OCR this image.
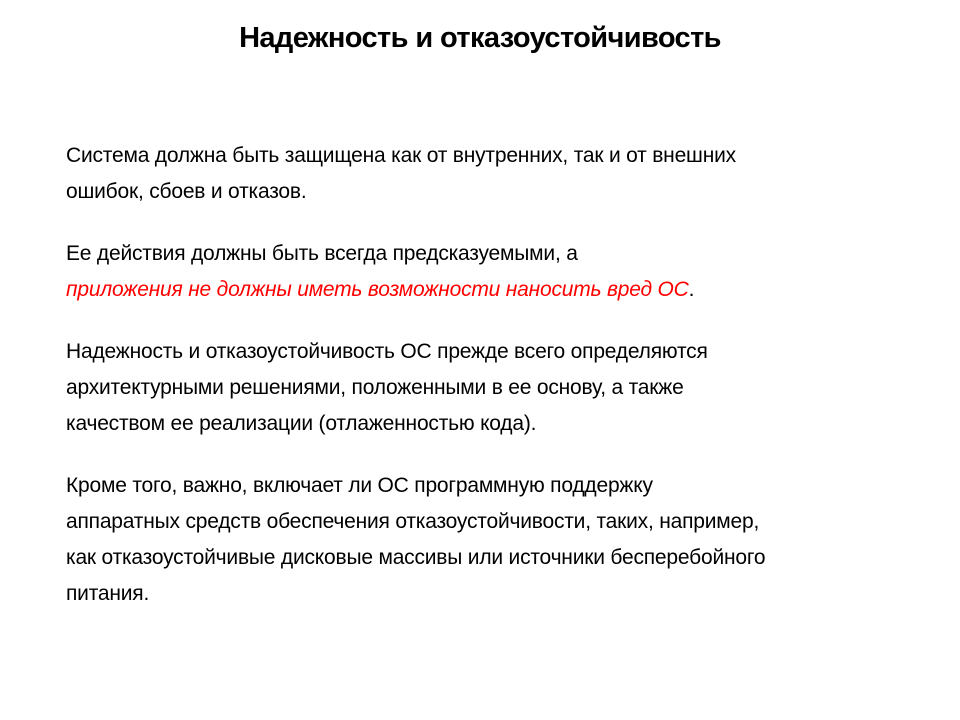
Надежность и отказоустойчивость

Система должна быть защищена как от внутренних, так и от внешних
ошибок, сбоев и отказов.

Ее действия должны быть всегда предсказуемыми, а
приложения не должны иметь возможности наносить вред ОС.

Надежность и отказоустойчивость ОС прежде всего определяются
архитектурными решениями, положенными в ее основу, а также
качеством ее реализации (отлаженностью кода).

Кроме того, важно, включает ли ОС программную поддержку
аппаратных средств обеспечения отказоустойчивости, таких, например,
как отказоустойчивые дисковые массивы или источники бесперебойного
питания.
